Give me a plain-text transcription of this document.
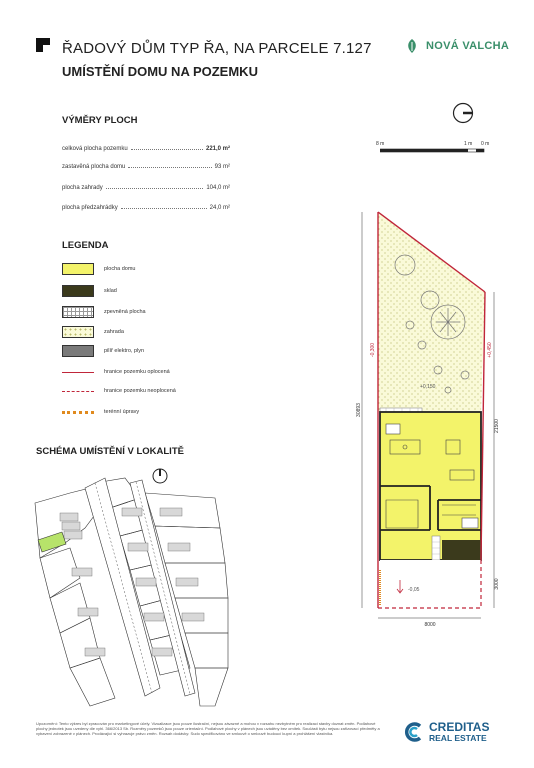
ŘADOVÝ DŮM TYP ŘA, NA PARCELE 7.127
UMÍSTĚNÍ DOMU NA POZEMKU
NOVÁ VALCHA
VÝMĚRY PLOCH
celková plocha pozemku	221,0 m²
zastavěná plocha domu	93 m²
plocha zahrady	104,0 m²
plocha předzahrádky	24,0 m²
LEGENDA
plocha domu
sklad
zpevněná plocha
zahrada
pilíř elektro, plyn
hranice pozemku oplocená
hranice pozemku neoplocená
terénní úpravy
SCHÉMA UMÍSTĚNÍ V LOKALITĚ
8 m	1 m 0 m
30893
21500
3000
8000
-0,300	+0,450
+0,150
-0,05
Upozornění: Tento výkres byl zpracován pro marketingové účely. Vizualizace jsou pouze ilustrační, nejsou závazné a mohou v rozsahu nezbytném pro realizaci stavby doznat změn. Podlahové plochy jednotek jsou uvedeny dle vyhl. 366/2013 Sb. Rozměry pozemků jsou pouze orientační. Podlahové plochy v plánech jsou uváděny bez omítek. Součástí bytu nejsou zařizovací předměty a vybavení zobrazené v plánech. Prodávající si vyhrazuje právo změn. Rozsah dodávky: Sudo specifikováno ve smlouvě o smlouvě budoucí kupní a prohlášení vlastníka.	CREDITAS
REAL ESTATE
